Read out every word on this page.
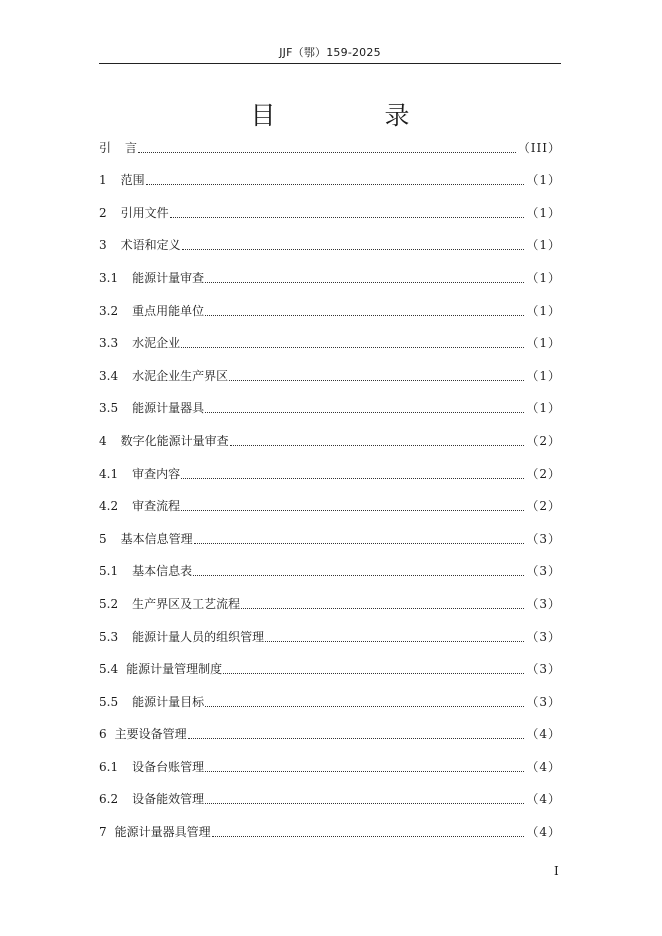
JJF（鄂）159-2025
目　录
引	言	（III）
1	范围	（1）
2	引用文件	（1）
3	术语和定义	（1）
3.1	能源计量审查	（1）
3.2	重点用能单位	（1）
3.3	水泥企业	（1）
3.4	水泥企业生产界区	（1）
3.5	能源计量器具	（1）
4	数字化能源计量审查	（2）
4.1	审查内容	（2）
4.2	审查流程	（2）
5	基本信息管理	（3）
5.1	基本信息表	（3）
5.2	生产界区及工艺流程	（3）
5.3	能源计量人员的组织管理	（3）
5.4 能源计量管理制度	（3）
5.5	能源计量目标	（3）
6 主要设备管理	（4）
6.1	设备台账管理	（4）
6.2	设备能效管理	（4）
7 能源计量器具管理	（4）
I
